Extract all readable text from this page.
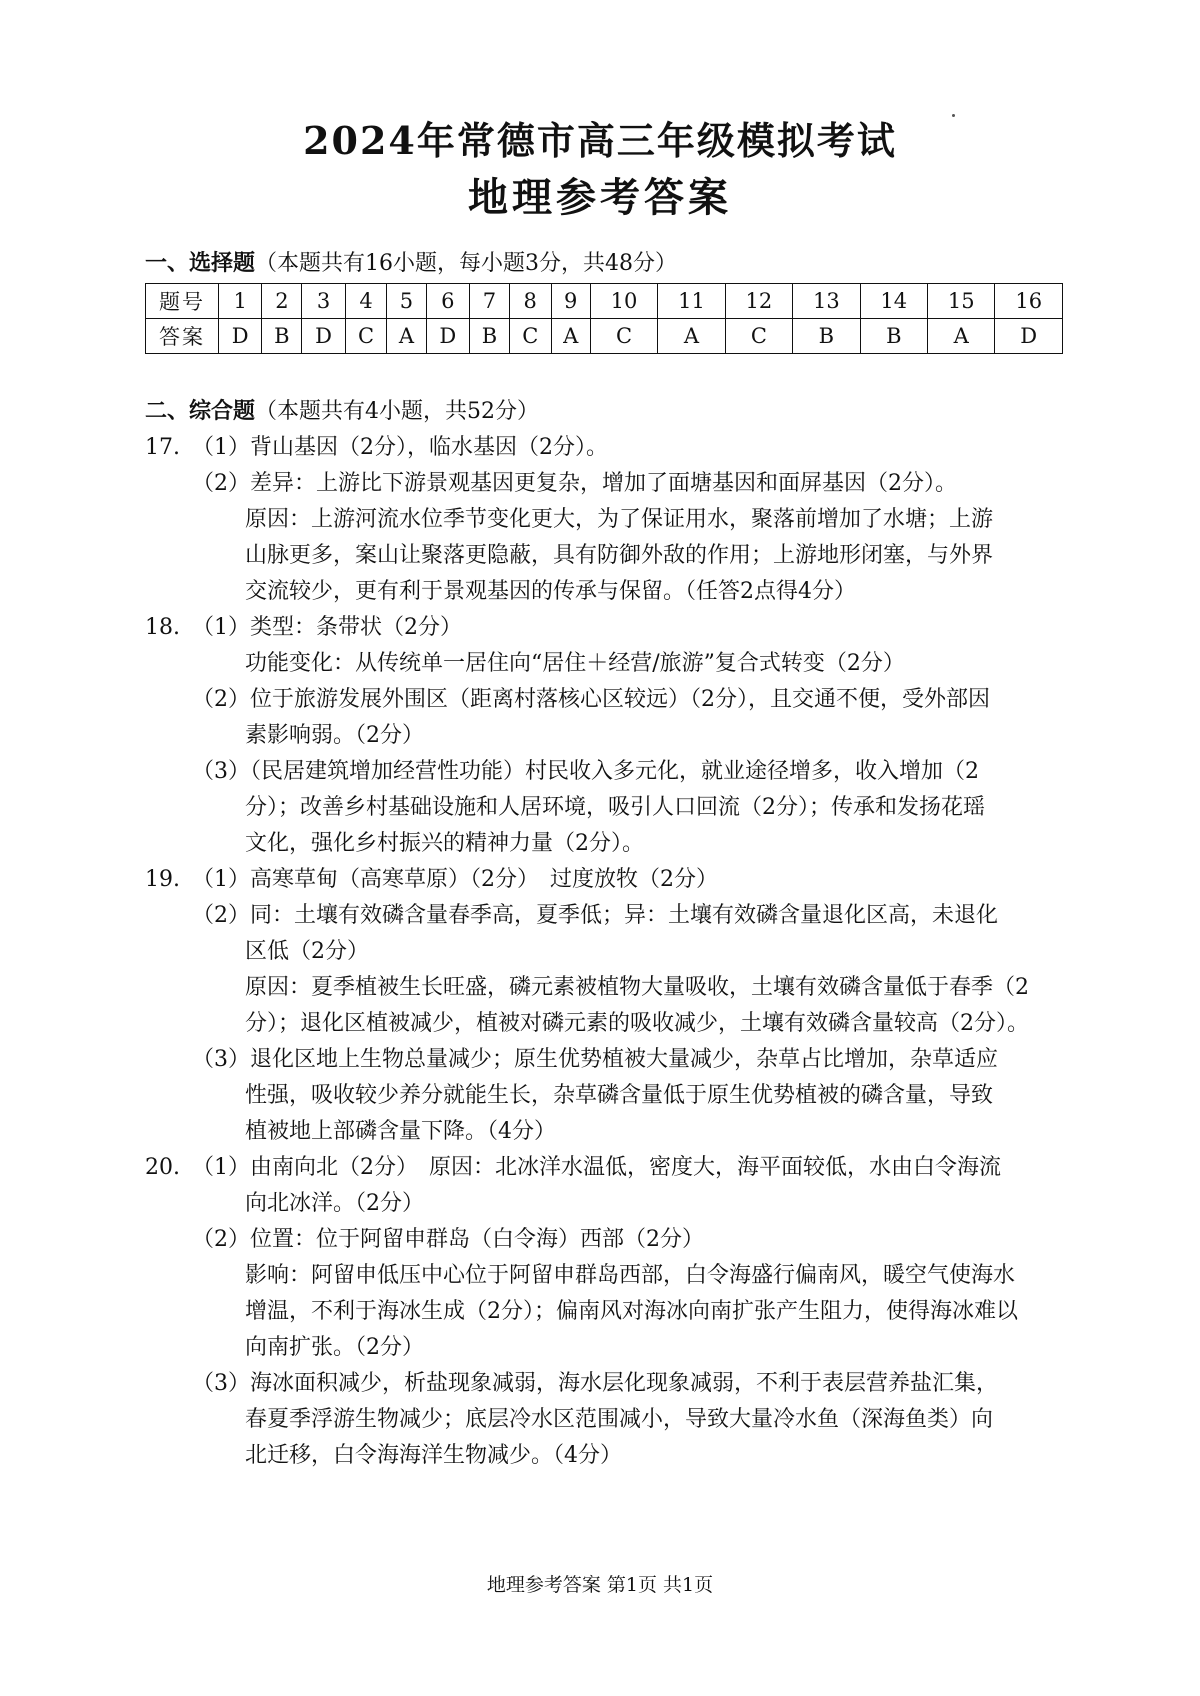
2024年常德市高三年级模拟考试
地理参考答案
一、选择题（本题共有16小题，每小题3分，共48分）
题号	1	2	3	4	5	6	7	8	9	10	11	12	13	14	15	16
答案	D	B	D	C	A	D	B	C	A	C	A	C	B	B	A	D
二、综合题（本题共有4小题，共52分）
17. （1）背山基因（2分），临水基因（2分）。
（2）差异：上游比下游景观基因更复杂，增加了面塘基因和面屏基因（2分）。
原因：上游河流水位季节变化更大，为了保证用水，聚落前增加了水塘；上游
山脉更多，案山让聚落更隐蔽，具有防御外敌的作用；上游地形闭塞，与外界
交流较少，更有利于景观基因的传承与保留。（任答2点得4分）
18. （1）类型：条带状（2分）
功能变化：从传统单一居住向“居住＋经营/旅游”复合式转变（2分）
（2）位于旅游发展外围区（距离村落核心区较远）（2分），且交通不便，受外部因
素影响弱。（2分）
（3）（民居建筑增加经营性功能）村民收入多元化，就业途径增多，收入增加（2
分）；改善乡村基础设施和人居环境，吸引人口回流（2分）；传承和发扬花瑶
文化，强化乡村振兴的精神力量（2分）。
19. （1）高寒草甸（高寒草原）（2分）　过度放牧（2分）
（2）同：土壤有效磷含量春季高，夏季低；异：土壤有效磷含量退化区高，未退化
区低（2分）
原因：夏季植被生长旺盛，磷元素被植物大量吸收，土壤有效磷含量低于春季（2
分）；退化区植被减少，植被对磷元素的吸收减少，土壤有效磷含量较高（2分）。
（3）退化区地上生物总量减少；原生优势植被大量减少，杂草占比增加，杂草适应
性强，吸收较少养分就能生长，杂草磷含量低于原生优势植被的磷含量，导致
植被地上部磷含量下降。（4分）
20. （1）由南向北（2分）　原因：北冰洋水温低，密度大，海平面较低，水由白令海流
向北冰洋。（2分）
（2）位置：位于阿留申群岛（白令海）西部（2分）
影响：阿留申低压中心位于阿留申群岛西部，白令海盛行偏南风，暖空气使海水
增温，不利于海冰生成（2分）；偏南风对海冰向南扩张产生阻力，使得海冰难以
向南扩张。（2分）
（3）海冰面积减少，析盐现象减弱，海水层化现象减弱，不利于表层营养盐汇集，
春夏季浮游生物减少；底层冷水区范围减小，导致大量冷水鱼（深海鱼类）向
北迁移，白令海海洋生物减少。（4分）
地理参考答案 第1页 共1页
